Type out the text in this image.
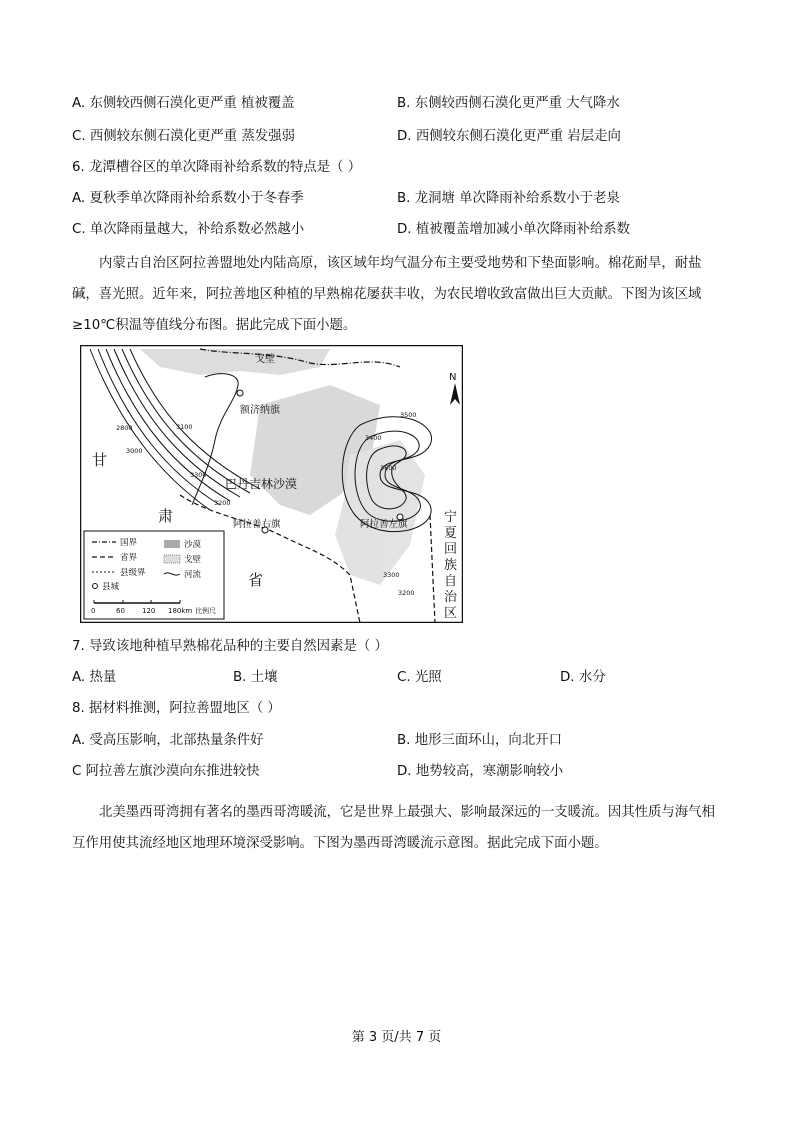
A. 东侧较西侧石漠化更严重 植被覆盖	B. 东侧较西侧石漠化更严重 大气降水
C. 西侧较东侧石漠化更严重 蒸发强弱	D. 西侧较东侧石漠化更严重 岩层走向
6. 龙潭槽谷区的单次降雨补给系数的特点是（ ）
A. 夏秋季单次降雨补给系数小于冬春季	B. 龙洞塘 单次降雨补给系数小于老泉
C. 单次降雨量越大，补给系数必然越小	D. 植被覆盖增加减小单次降雨补给系数
内蒙古自治区阿拉善盟地处内陆高原，该区域年均气温分布主要受地势和下垫面影响。棉花耐旱，耐盐碱，喜光照。近年来，阿拉善地区种植的早熟棉花屡获丰收，为农民增收致富做出巨大贡献。下图为该区域≥10℃积温等值线分布图。据此完成下面小题。
戈壁
额济纳旗
巴丹吉林沙漠
阿拉善右旗	阿拉善左旗
甘
肃
省
宁
夏
回
族
自
治
区
2800
3000
3100
3200
3300
3400
3500
3600
3300
3200
N
国界
省界
县级界
县城
沙漠
戈壁
河流
0	60 120 180km 比例尺
7. 导致该地种植早熟棉花品种的主要自然因素是（ ）
A. 热量	B. 土壤	C. 光照	D. 水分
8. 据材料推测，阿拉善盟地区（ ）
A. 受高压影响，北部热量条件好	B. 地形三面环山，向北开口
C 阿拉善左旗沙漠向东推进较快	D. 地势较高，寒潮影响较小
北美墨西哥湾拥有著名的墨西哥湾暖流，它是世界上最强大、影响最深远的一支暖流。因其性质与海气相互作用使其流经地区地理环境深受影响。下图为墨西哥湾暖流示意图。据此完成下面小题。
第 3 页/共 7 页
